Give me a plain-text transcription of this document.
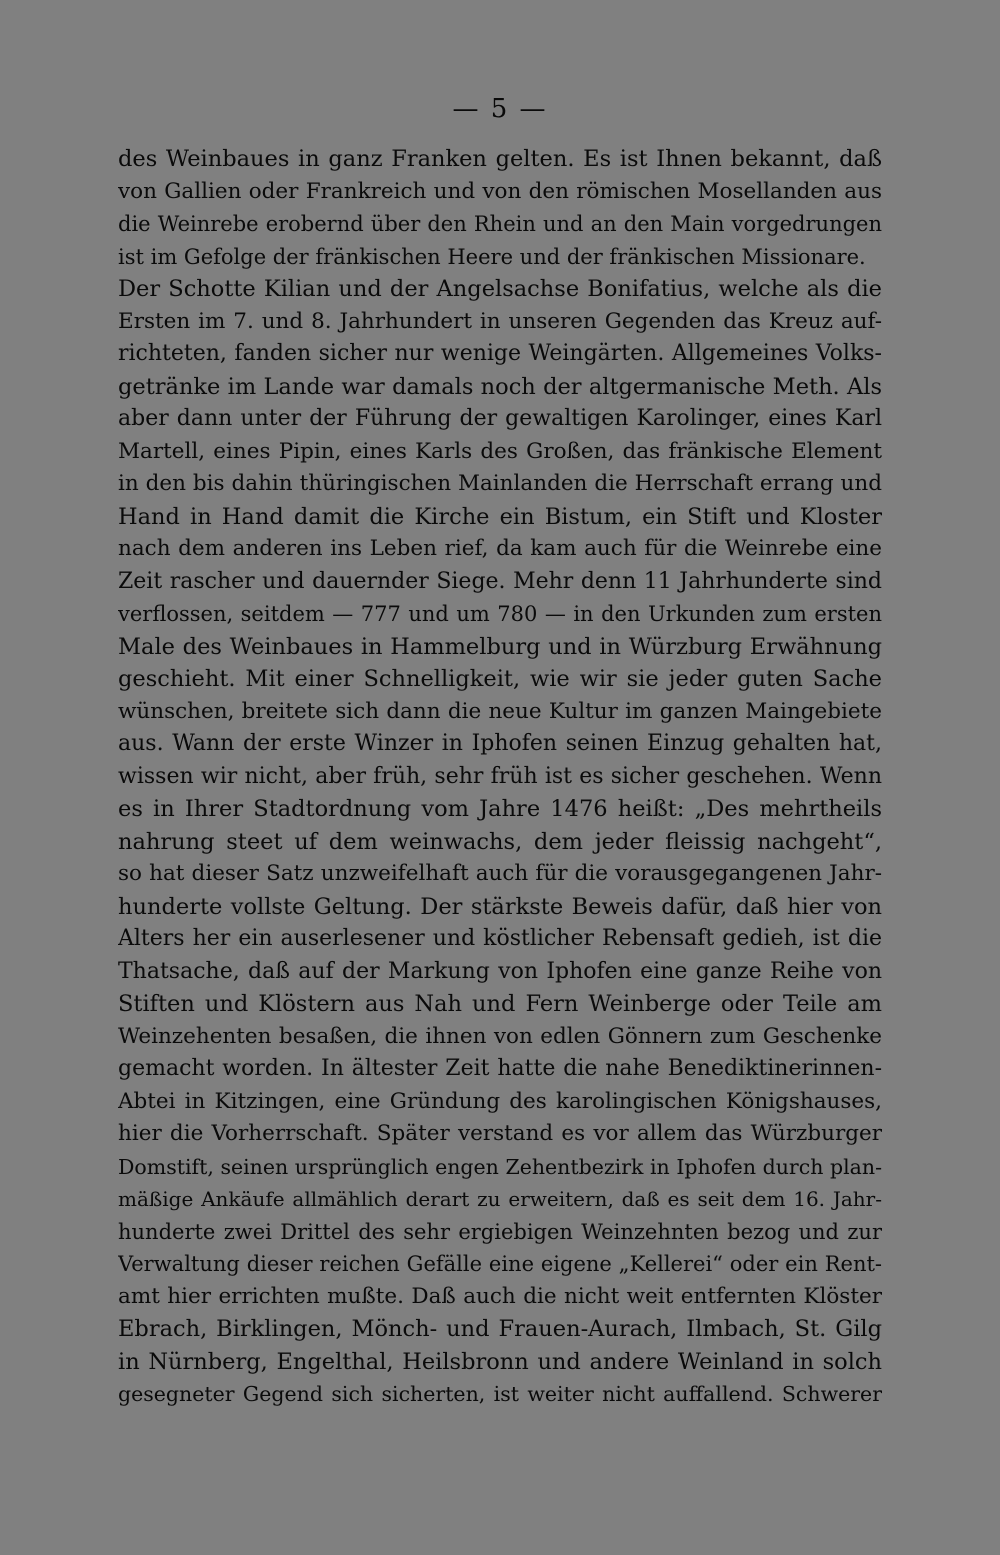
— 5 —
des Weinbaues in ganz Franken gelten. Es ist Ihnen bekannt, daß
von Gallien oder Frankreich und von den römischen Mosellanden aus
die Weinrebe erobernd über den Rhein und an den Main vorgedrungen
ist im Gefolge der fränkischen Heere und der fränkischen Missionare.
Der Schotte Kilian und der Angelsachse Bonifatius, welche als die
Ersten im 7. und 8. Jahrhundert in unseren Gegenden das Kreuz auf-
richteten, fanden sicher nur wenige Weingärten. Allgemeines Volks-
getränke im Lande war damals noch der altgermanische Meth. Als
aber dann unter der Führung der gewaltigen Karolinger, eines Karl
Martell, eines Pipin, eines Karls des Großen, das fränkische Element
in den bis dahin thüringischen Mainlanden die Herrschaft errang und
Hand in Hand damit die Kirche ein Bistum, ein Stift und Kloster
nach dem anderen ins Leben rief, da kam auch für die Weinrebe eine
Zeit rascher und dauernder Siege. Mehr denn 11 Jahrhunderte sind
verflossen, seitdem — 777 und um 780 — in den Urkunden zum ersten
Male des Weinbaues in Hammelburg und in Würzburg Erwähnung
geschieht. Mit einer Schnelligkeit, wie wir sie jeder guten Sache
wünschen, breitete sich dann die neue Kultur im ganzen Maingebiete
aus. Wann der erste Winzer in Iphofen seinen Einzug gehalten hat,
wissen wir nicht, aber früh, sehr früh ist es sicher geschehen. Wenn
es in Ihrer Stadtordnung vom Jahre 1476 heißt: „Des mehrtheils
nahrung steet uf dem weinwachs, dem jeder fleissig nachgeht“,
so hat dieser Satz unzweifelhaft auch für die vorausgegangenen Jahr-
hunderte vollste Geltung. Der stärkste Beweis dafür, daß hier von
Alters her ein auserlesener und köstlicher Rebensaft gedieh, ist die
Thatsache, daß auf der Markung von Iphofen eine ganze Reihe von
Stiften und Klöstern aus Nah und Fern Weinberge oder Teile am
Weinzehenten besaßen, die ihnen von edlen Gönnern zum Geschenke
gemacht worden. In ältester Zeit hatte die nahe Benediktinerinnen-
Abtei in Kitzingen, eine Gründung des karolingischen Königshauses,
hier die Vorherrschaft. Später verstand es vor allem das Würzburger
Domstift, seinen ursprünglich engen Zehentbezirk in Iphofen durch plan-
mäßige Ankäufe allmählich derart zu erweitern, daß es seit dem 16. Jahr-
hunderte zwei Drittel des sehr ergiebigen Weinzehnten bezog und zur
Verwaltung dieser reichen Gefälle eine eigene „Kellerei“ oder ein Rent-
amt hier errichten mußte. Daß auch die nicht weit entfernten Klöster
Ebrach, Birklingen, Mönch- und Frauen-Aurach, Ilmbach, St. Gilg
in Nürnberg, Engelthal, Heilsbronn und andere Weinland in solch
gesegneter Gegend sich sicherten, ist weiter nicht auffallend. Schwerer
